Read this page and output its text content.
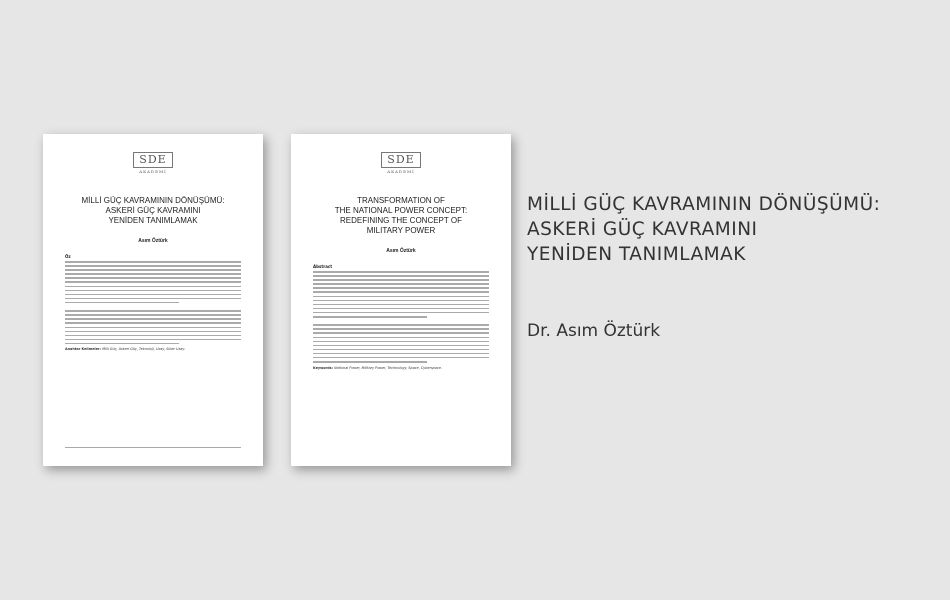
SDE
AKADEMİ
MİLLİ GÜÇ KAVRAMININ DÖNÜŞÜMÜ:
ASKERİ GÜÇ KAVRAMINI
YENİDEN TANIMLAMAK
Asım Öztürk
Öz
Anahtar Kelimeler: Milli Güç, Askeri Güç, Teknoloji, Uzay, Siber Uzay.
SDE
AKADEMİ
TRANSFORMATION OF
THE NATIONAL POWER CONCEPT:
REDEFINING THE CONCEPT OF
MILITARY POWER
Asım Öztürk
Abstract
Keywords: National Power, Military Power, Technology, Space, Cyberspace.
MİLLİ GÜÇ KAVRAMININ DÖNÜŞÜMÜ:
ASKERİ GÜÇ KAVRAMINI
YENİDEN TANIMLAMAK
Dr. Asım Öztürk
